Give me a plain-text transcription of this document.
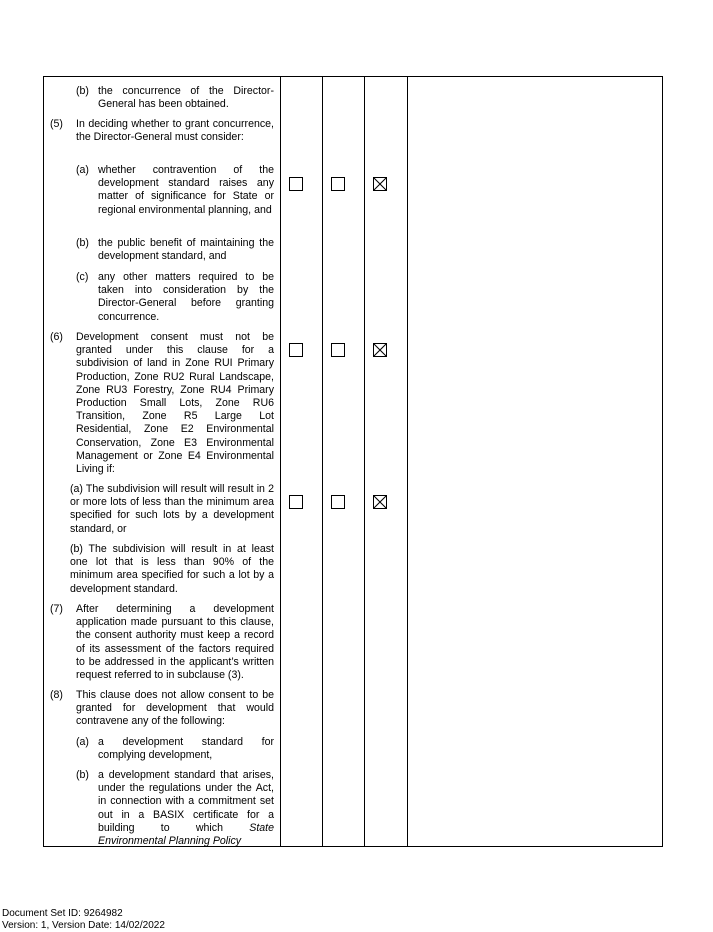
(b) the concurrence of the Director-General has been obtained.
(5) In deciding whether to grant concurrence, the Director-General must consider:
(a) whether contravention of the development standard raises any matter of significance for State or regional environmental planning, and
(b) the public benefit of maintaining the development standard, and
(c) any other matters required to be taken into consideration by the Director-General before granting concurrence.
(6) Development consent must not be granted under this clause for a subdivision of land in Zone RUI Primary Production, Zone RU2 Rural Landscape, Zone RU3 Forestry, Zone RU4 Primary Production Small Lots, Zone RU6 Transition, Zone R5 Large Lot Residential, Zone E2 Environmental Conservation, Zone E3 Environmental Management or Zone E4 Environmental Living if:
(a) The subdivision will result will result in 2 or more lots of less than the minimum area specified for such lots by a development standard, or
(b) The subdivision will result in at least one lot that is less than 90% of the minimum area specified for such a lot by a development standard.
(7) After determining a development application made pursuant to this clause, the consent authority must keep a record of its assessment of the factors required to be addressed in the applicant’s written request referred to in subclause (3).
(8) This clause does not allow consent to be granted for development that would contravene any of the following:
(a) a development standard for complying development,
(b) a development standard that arises, under the regulations under the Act, in connection with a commitment set out in a BASIX certificate for a building to which State Environmental Planning Policy
Document Set ID: 9264982
Version: 1, Version Date: 14/02/2022
